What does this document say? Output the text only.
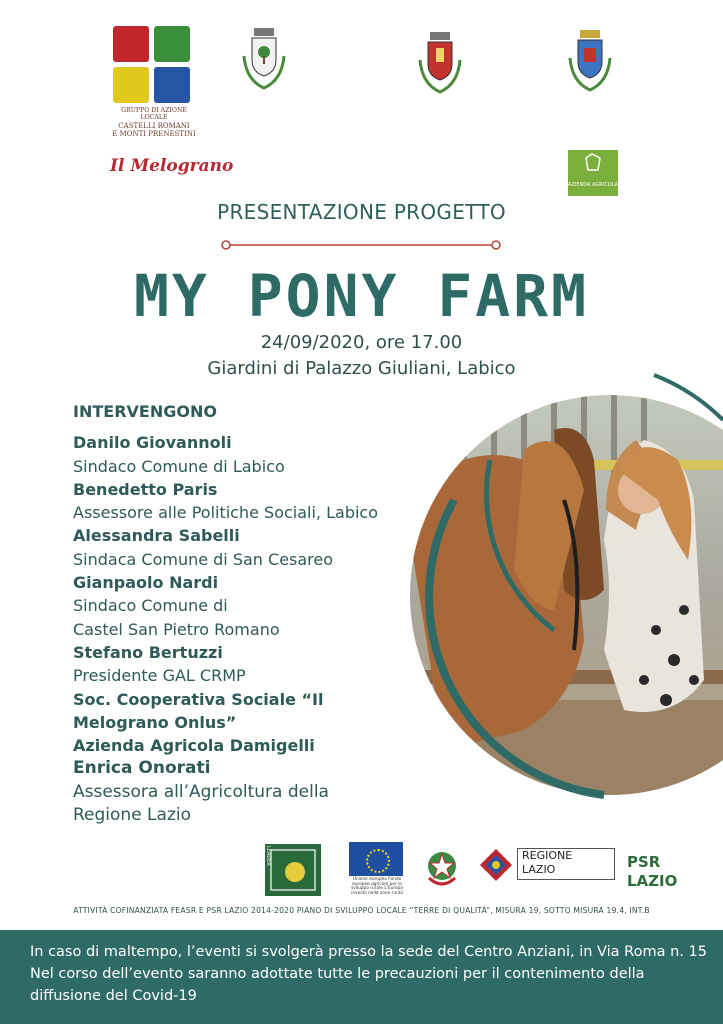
GRUPPO DI AZIONE LOCALE
CASTELLI ROMANI
E MONTI PRENESTINI
Il Melograno
AZIENDA AGRICOLA
PRESENTAZIONE PROGETTO
MY PONY FARM
24/09/2020, ore 17.00
Giardini di Palazzo Giuliani, Labico
INTERVENGONO
Danilo Giovannoli
Sindaco Comune di Labico
Benedetto Paris
Assessore alle Politiche Sociali, Labico
Alessandra Sabelli
Sindaca Comune di San Cesareo
Gianpaolo Nardi
Sindaco Comune di
Castel San Pietro Romano
Stefano Bertuzzi
Presidente GAL CRMP
Soc. Cooperativa Sociale “Il Melograno Onlus”
Azienda Agricola Damigelli
Enrica Onorati
Assessora all’Agricoltura della
Regione Lazio
LEADER
Unione europea Fondo europeo agricolo per lo sviluppo rurale L'Europa investe nelle zone rurali
REGIONE
LAZIO	PSR LAZIO
ATTIVITÀ COFINANZIATA FEASR E PSR LAZIO 2014-2020 PIANO DI SVILUPPO LOCALE “TERRE DI QUALITÀ”, MISURA 19, SOTTO MISURA 19.4, INT.B

In caso di maltempo, l’eventi si svolgerà presso la sede del Centro Anziani, in Via Roma n. 15

Nel corso dell’evento saranno adottate tutte le precauzioni per il contenimento della

diffusione del Covid-19
